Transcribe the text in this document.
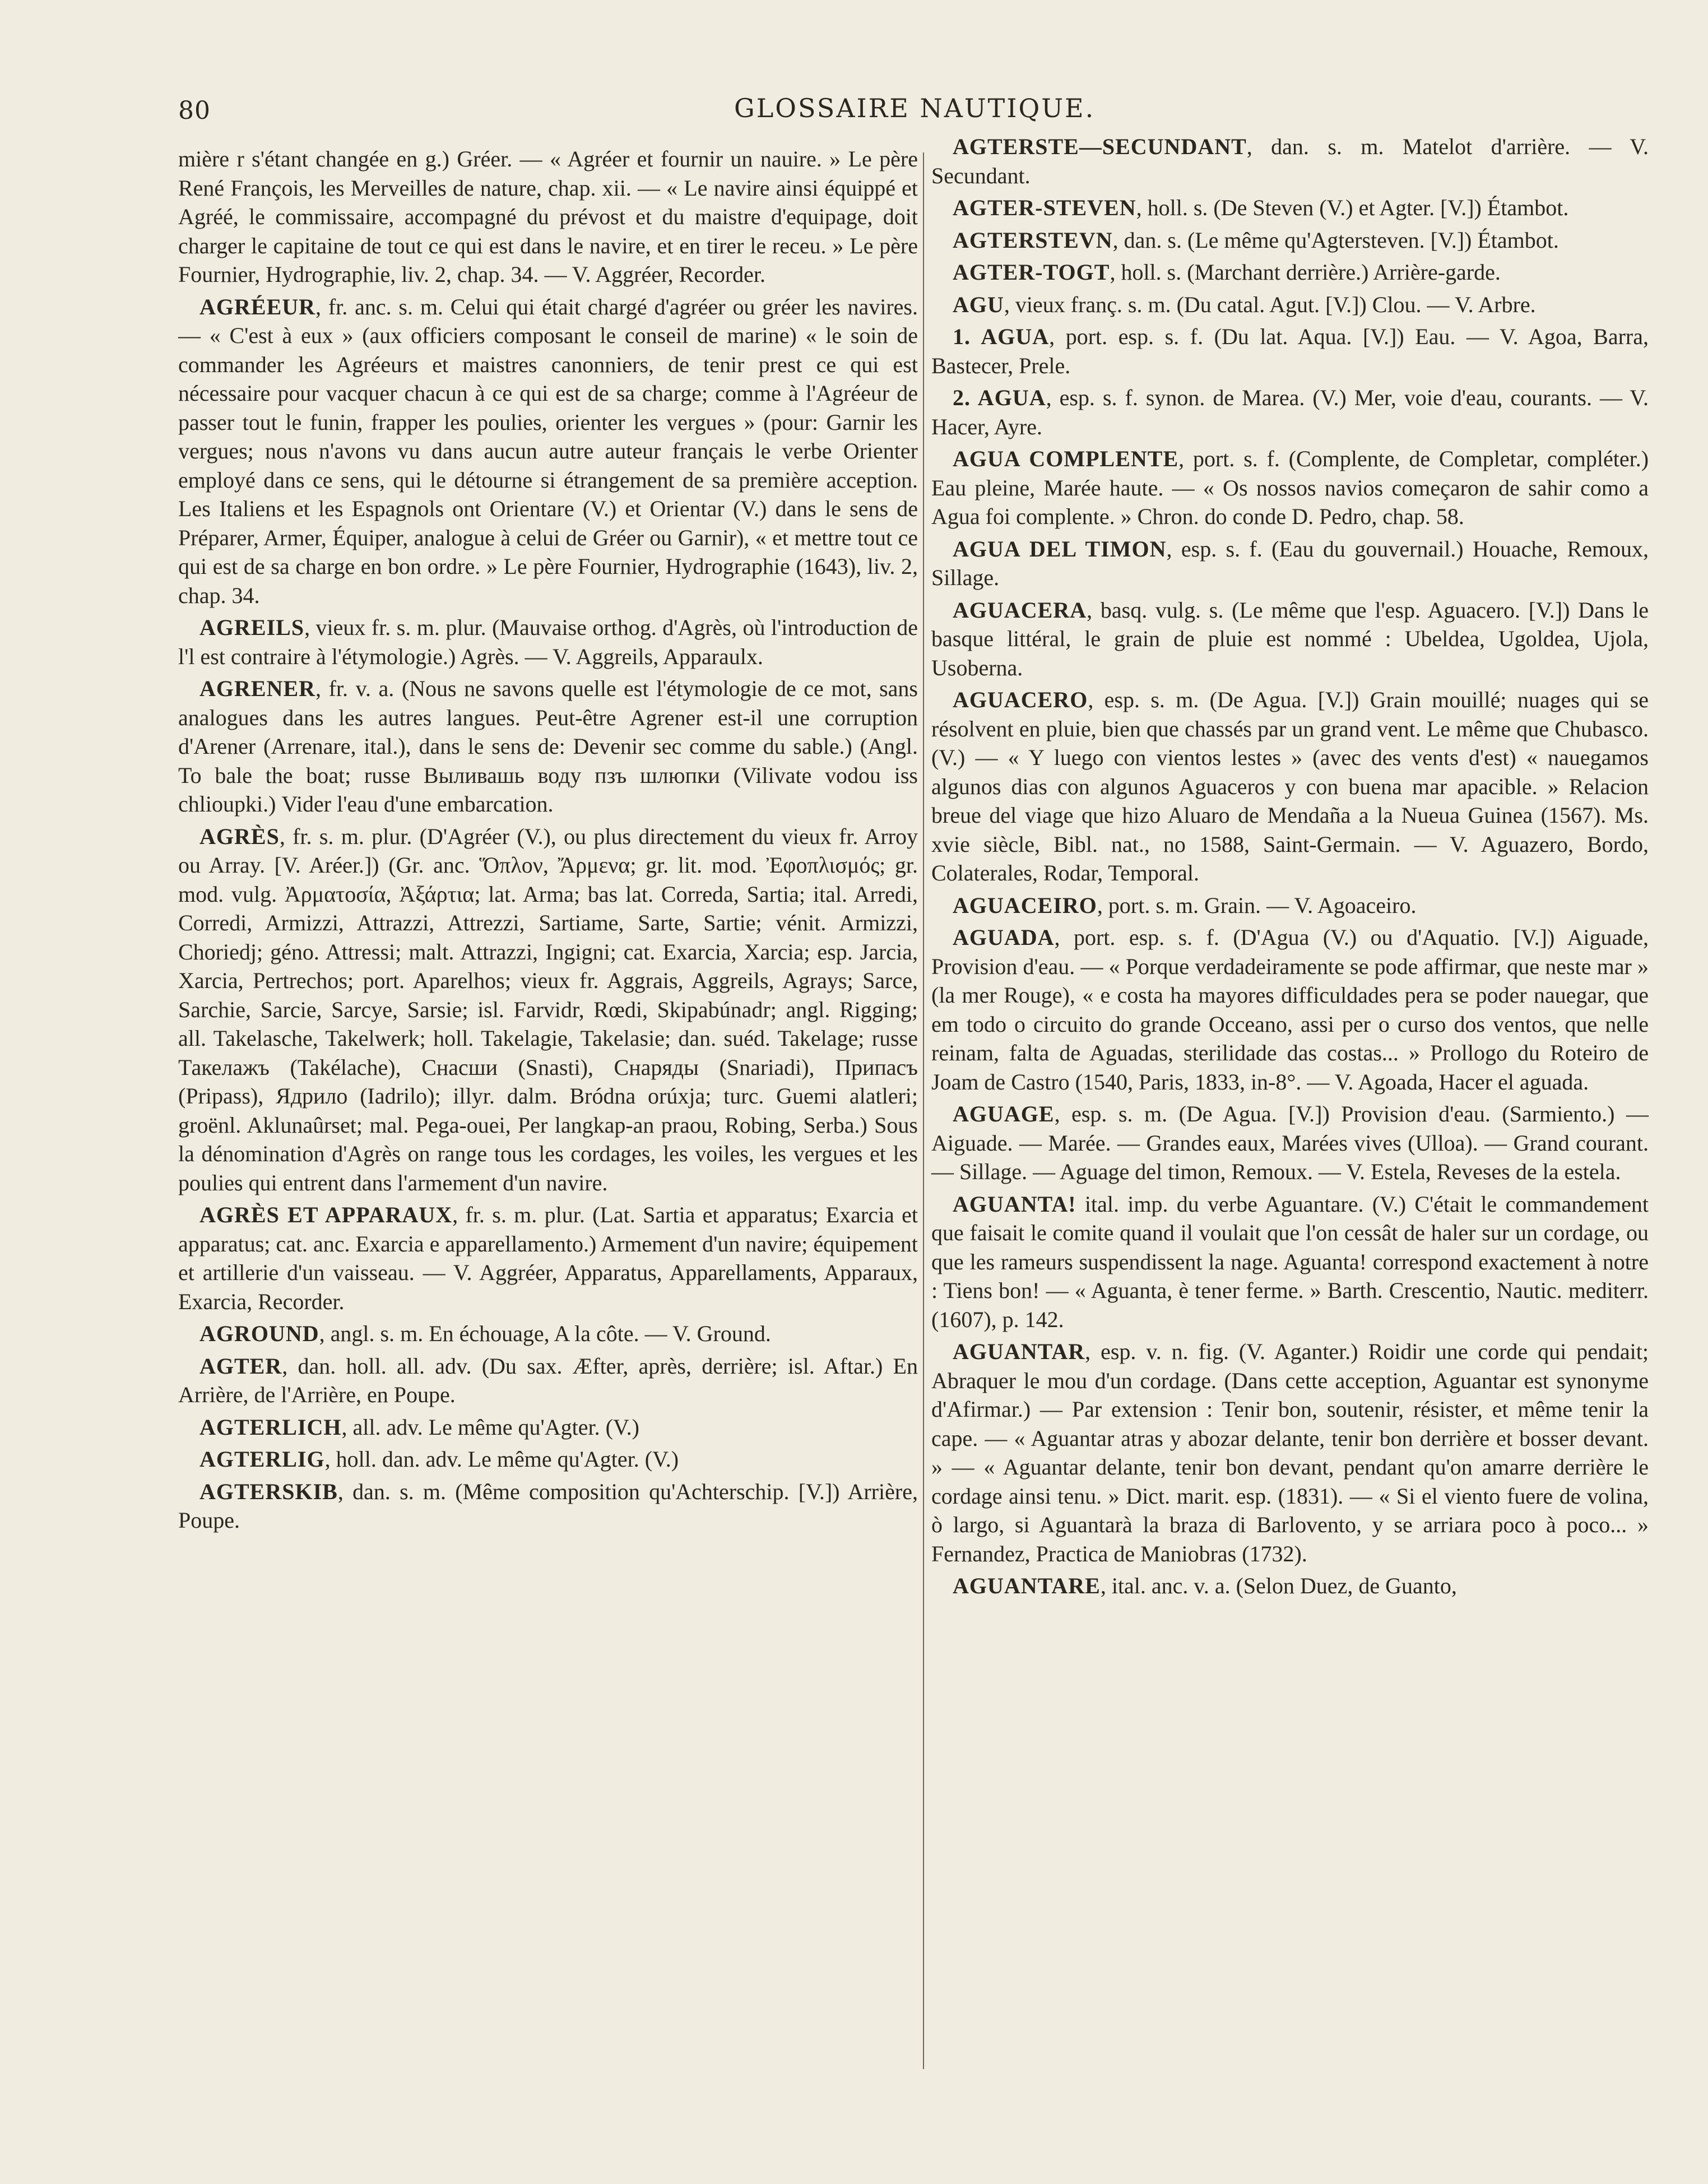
80	GLOSSAIRE NAUTIQUE.

mière r s'étant changée en g.) Gréer. — « Agréer et fournir un nauire. » Le père René François, les Merveilles de nature, chap. xii. — « Le navire ainsi équippé et Agréé, le commissaire, accompagné du prévost et du maistre d'equipage, doit charger le capitaine de tout ce qui est dans le navire, et en tirer le receu. » Le père Fournier, Hydrographie, liv. 2, chap. 34. — V. Aggréer, Recorder.

AGRÉEUR, fr. anc. s. m. Celui qui était chargé d'agréer ou gréer les navires. — « C'est à eux » (aux officiers composant le conseil de marine) « le soin de commander les Agréeurs et maistres canonniers, de tenir prest ce qui est nécessaire pour vacquer chacun à ce qui est de sa charge; comme à l'Agréeur de passer tout le funin, frapper les poulies, orienter les vergues » (pour: Garnir les vergues; nous n'avons vu dans aucun autre auteur français le verbe Orienter employé dans ce sens, qui le détourne si étrangement de sa première acception. Les Italiens et les Espagnols ont Orientare (V.) et Orientar (V.) dans le sens de Préparer, Armer, Équiper, analogue à celui de Gréer ou Garnir), « et mettre tout ce qui est de sa charge en bon ordre. » Le père Fournier, Hydrographie (1643), liv. 2, chap. 34.

AGREILS, vieux fr. s. m. plur. (Mauvaise orthog. d'Agrès, où l'introduction de l'l est contraire à l'étymologie.) Agrès. — V. Aggreils, Apparaulx.

AGRENER, fr. v. a. (Nous ne savons quelle est l'étymologie de ce mot, sans analogues dans les autres langues. Peut-être Agrener est-il une corruption d'Arener (Arrenare, ital.), dans le sens de: Devenir sec comme du sable.) (Angl. To bale the boat; russe Выливашь воду пзъ шлюпки (Vilivate vodou iss chlioupki.) Vider l'eau d'une embarcation.

AGRÈS, fr. s. m. plur. (D'Agréer (V.), ou plus directement du vieux fr. Arroy ou Array. [V. Aréer.]) (Gr. anc. Ὅπλον, Ἄρμενα; gr. lit. mod. Ἐφοπλισμός; gr. mod. vulg. Ἀρματοσία, Ἀξάρτια; lat. Arma; bas lat. Correda, Sartia; ital. Arredi, Corredi, Armizzi, Attrazzi, Attrezzi, Sartiame, Sarte, Sartie; vénit. Armizzi, Choriedj; géno. Attressi; malt. Attrazzi, Ingigni; cat. Exarcia, Xarcia; esp. Jarcia, Xarcia, Pertrechos; port. Aparelhos; vieux fr. Aggrais, Aggreils, Agrays; Sarce, Sarchie, Sarcie, Sarcye, Sarsie; isl. Farvidr, Rœdi, Skipabúnadr; angl. Rigging; all. Takelasche, Takelwerk; holl. Takelagie, Takelasie; dan. suéd. Takelage; russe Такелажъ (Takélache), Снасши (Snasti), Снаряды (Snariadi), Припасъ (Pripass), Ядрило (Iadrilo); illyr. dalm. Bródna orúxja; turc. Guemi alatleri; groënl. Aklunaûrset; mal. Pega-ouei, Per langkap-an praou, Robing, Serba.) Sous la dénomination d'Agrès on range tous les cordages, les voiles, les vergues et les poulies qui entrent dans l'armement d'un navire.

AGRÈS ET APPARAUX, fr. s. m. plur. (Lat. Sartia et apparatus; Exarcia et apparatus; cat. anc. Exarcia e apparellamento.) Armement d'un navire; équipement et artillerie d'un vaisseau. — V. Aggréer, Apparatus, Apparellaments, Apparaux, Exarcia, Recorder.

AGROUND, angl. s. m. En échouage, A la côte. — V. Ground.

AGTER, dan. holl. all. adv. (Du sax. Æfter, après, derrière; isl. Aftar.) En Arrière, de l'Arrière, en Poupe.

AGTERLICH, all. adv. Le même qu'Agter. (V.)

AGTERLIG, holl. dan. adv. Le même qu'Agter. (V.)

AGTERSKIB, dan. s. m. (Même composition qu'Achterschip. [V.]) Arrière, Poupe.

AGTERSTE—SECUNDANT, dan. s. m. Matelot d'arrière. — V. Secundant.

AGTER-STEVEN, holl. s. (De Steven (V.) et Agter. [V.]) Étambot.

AGTERSTEVN, dan. s. (Le même qu'Agtersteven. [V.]) Étambot.

AGTER-TOGT, holl. s. (Marchant derrière.) Arrière-garde.

AGU, vieux franç. s. m. (Du catal. Agut. [V.]) Clou. — V. Arbre.

1. AGUA, port. esp. s. f. (Du lat. Aqua. [V.]) Eau. — V. Agoa, Barra, Bastecer, Prele.

2. AGUA, esp. s. f. synon. de Marea. (V.) Mer, voie d'eau, courants. — V. Hacer, Ayre.

AGUA COMPLENTE, port. s. f. (Complente, de Completar, compléter.) Eau pleine, Marée haute. — « Os nossos navios começaron de sahir como a Agua foi complente. » Chron. do conde D. Pedro, chap. 58.

AGUA DEL TIMON, esp. s. f. (Eau du gouvernail.) Houache, Remoux, Sillage.

AGUACERA, basq. vulg. s. (Le même que l'esp. Aguacero. [V.]) Dans le basque littéral, le grain de pluie est nommé : Ubeldea, Ugoldea, Ujola, Usoberna.

AGUACERO, esp. s. m. (De Agua. [V.]) Grain mouillé; nuages qui se résolvent en pluie, bien que chassés par un grand vent. Le même que Chubasco. (V.) — « Y luego con vientos lestes » (avec des vents d'est) « nauegamos algunos dias con algunos Aguaceros y con buena mar apacible. » Relacion breue del viage que hizo Aluaro de Mendaña a la Nueua Guinea (1567). Ms. xvie siècle, Bibl. nat., no 1588, Saint-Germain. — V. Aguazero, Bordo, Colaterales, Rodar, Temporal.

AGUACEIRO, port. s. m. Grain. — V. Agoaceiro.

AGUADA, port. esp. s. f. (D'Agua (V.) ou d'Aquatio. [V.]) Aiguade, Provision d'eau. — « Porque verdadeiramente se pode affirmar, que neste mar » (la mer Rouge), « e costa ha mayores difficuldades pera se poder nauegar, que em todo o circuito do grande Occeano, assi per o curso dos ventos, que nelle reinam, falta de Aguadas, sterilidade das costas... » Prollogo du Roteiro de Joam de Castro (1540, Paris, 1833, in-8°. — V. Agoada, Hacer el aguada.

AGUAGE, esp. s. m. (De Agua. [V.]) Provision d'eau. (Sarmiento.) — Aiguade. — Marée. — Grandes eaux, Marées vives (Ulloa). — Grand courant. — Sillage. — Aguage del timon, Remoux. — V. Estela, Reveses de la estela.

AGUANTA! ital. imp. du verbe Aguantare. (V.) C'était le commandement que faisait le comite quand il voulait que l'on cessât de haler sur un cordage, ou que les rameurs suspendissent la nage. Aguanta! correspond exactement à notre : Tiens bon! — « Aguanta, è tener ferme. » Barth. Crescentio, Nautic. mediterr. (1607), p. 142.

AGUANTAR, esp. v. n. fig. (V. Aganter.) Roidir une corde qui pendait; Abraquer le mou d'un cordage. (Dans cette acception, Aguantar est synonyme d'Afirmar.) — Par extension : Tenir bon, soutenir, résister, et même tenir la cape. — « Aguantar atras y abozar delante, tenir bon derrière et bosser devant. » — « Aguantar delante, tenir bon devant, pendant qu'on amarre derrière le cordage ainsi tenu. » Dict. marit. esp. (1831). — « Si el viento fuere de volina, ò largo, si Aguantarà la braza di Barlovento, y se arriara poco à poco... » Fernandez, Practica de Maniobras (1732).

AGUANTARE, ital. anc. v. a. (Selon Duez, de Guanto,
